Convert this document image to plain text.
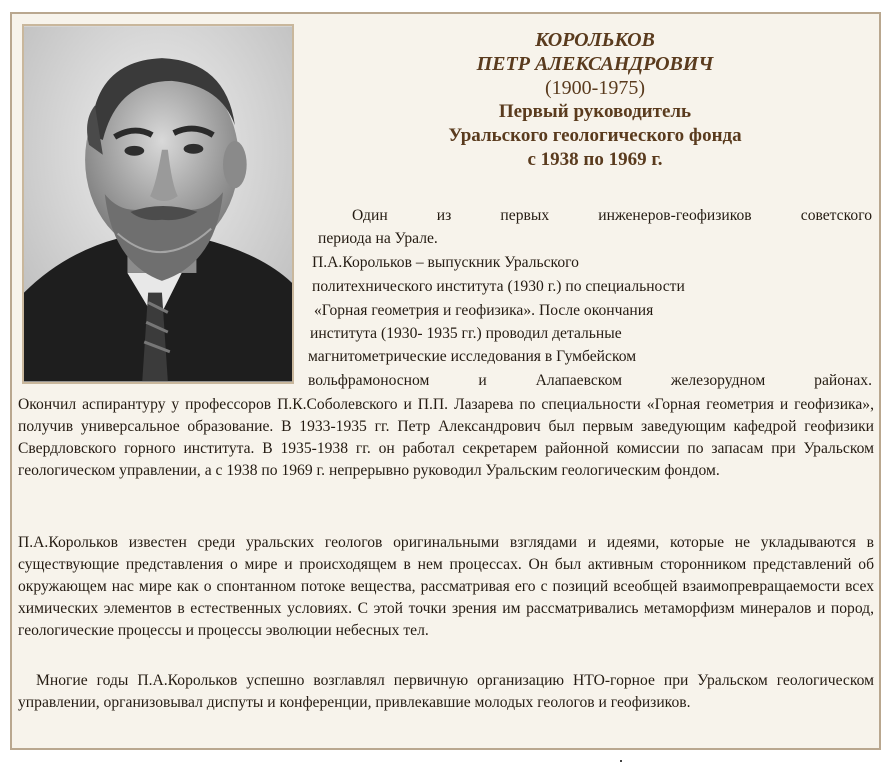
КОРОЛЬКОВ
ПЕТР АЛЕКСАНДРОВИЧ
(1900-1975)
Первый руководитель
Уральского геологического фонда
с 1938 по 1969 г.
Один из первых инженеров-геофизиков советского
периода на Урале.
П.А.Корольков – выпускник Уральского
политехнического института (1930 г.) по специальности
«Горная геометрия и геофизика». После окончания
института (1930- 1935 гг.) проводил детальные
магнитометрические исследования в Гумбейском
вольфрамоносном и Алапаевском железорудном районах.

Окончил аспирантуру у профессоров П.К.Соболевского и П.П. Лазарева по специальности «Горная геометрия и геофизика», получив универсальное образование. В 1933-1935 гг. Петр Александрович был первым заведующим кафедрой геофизики Свердловского горного института. В 1935-1938 гг. он работал секретарем районной комиссии по запасам при Уральском геологическом управлении, а с 1938 по 1969 г. непрерывно руководил Уральским геологическим фондом.

П.А.Корольков известен среди уральских геологов оригинальными взглядами и идеями, которые не укладываются в существующие представления о мире и происходящем в нем процессах. Он был активным сторонником представлений об окружающем нас мире как о спонтанном потоке вещества, рассматривая его с позиций всеобщей взаимопревращаемости всех химических элементов в естественных условиях. С этой точки зрения им рассматривались метаморфизм минералов и пород, геологические процессы и процессы эволюции небесных тел.

Многие годы П.А.Корольков успешно возглавлял первичную организацию НТО-горное при Уральском геологическом управлении, организовывал диспуты и конференции, привлекавшие молодых геологов и геофизиков.
